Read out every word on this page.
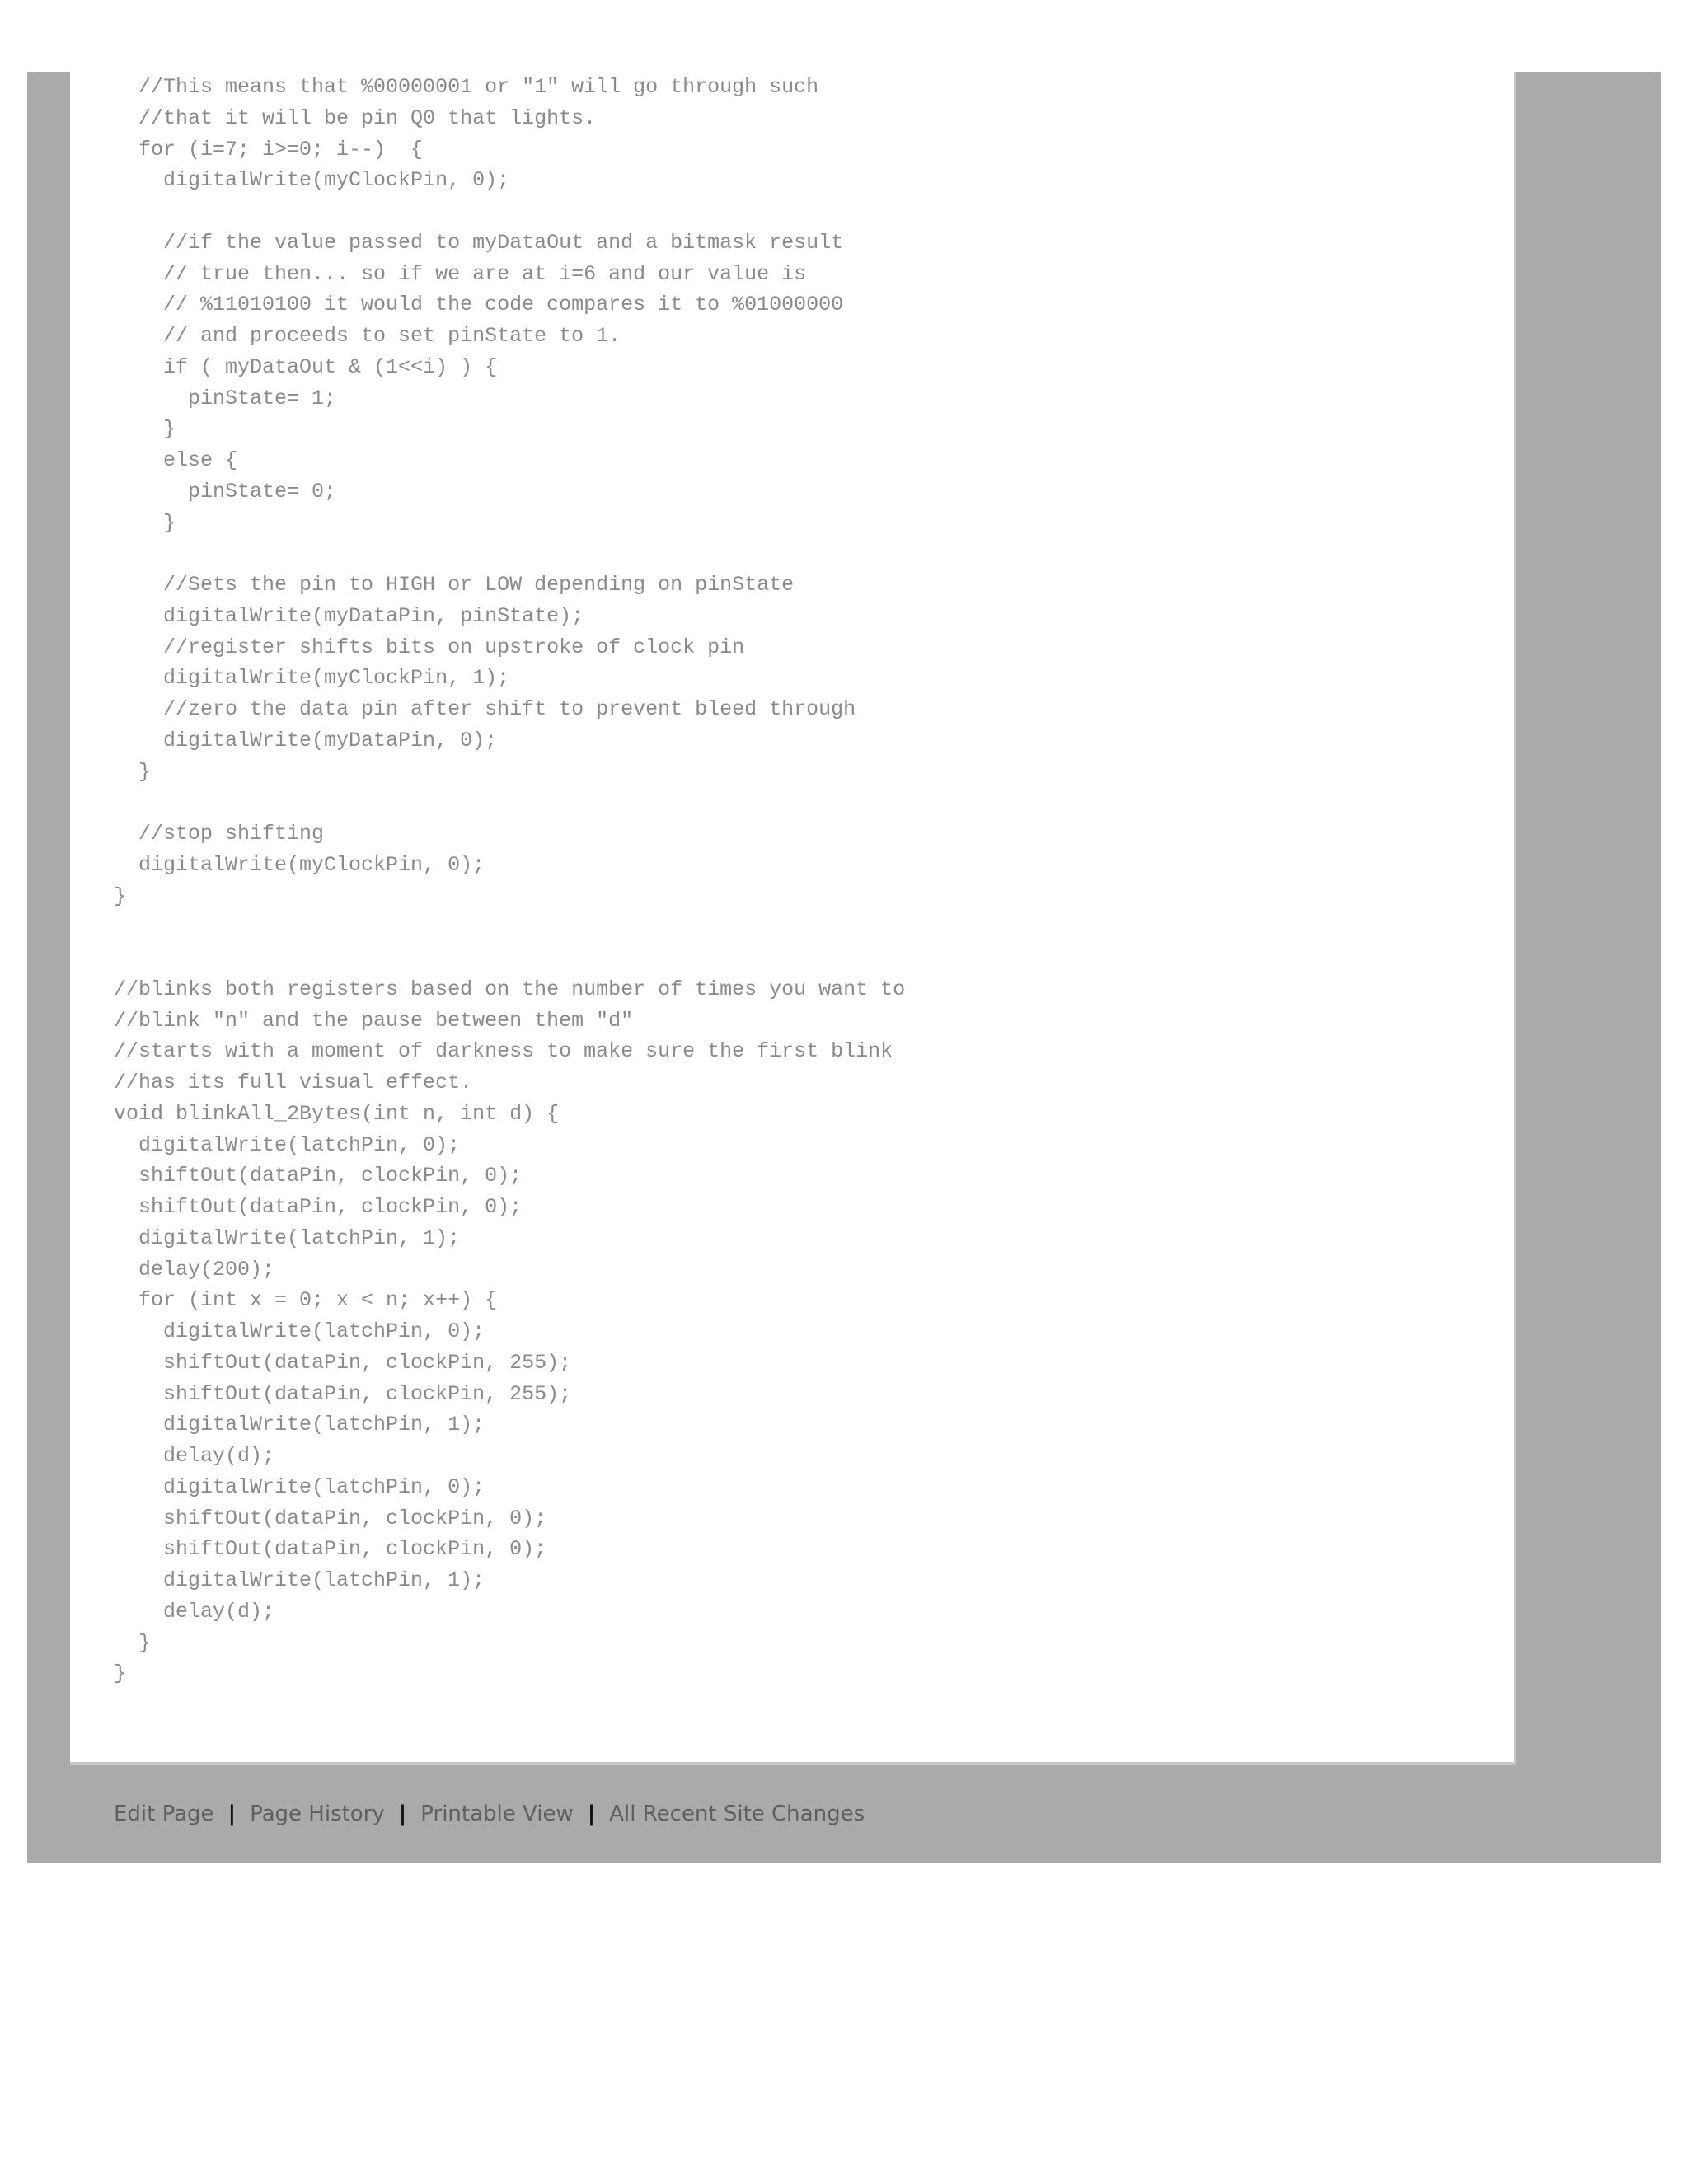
//This means that %00000001 or "1" will go through such
//that it will be pin Q0 that lights.
for (i=7; i>=0; i--)  {
digitalWrite(myClockPin, 0);
//if the value passed to myDataOut and a bitmask result
// true then... so if we are at i=6 and our value is
// %11010100 it would the code compares it to %01000000
// and proceeds to set pinState to 1.
if ( myDataOut & (1<<i) ) {
pinState= 1;
}
else {
pinState= 0;
}
//Sets the pin to HIGH or LOW depending on pinState
digitalWrite(myDataPin, pinState);
//register shifts bits on upstroke of clock pin
digitalWrite(myClockPin, 1);
//zero the data pin after shift to prevent bleed through
digitalWrite(myDataPin, 0);
}
//stop shifting
digitalWrite(myClockPin, 0);
}
//blinks both registers based on the number of times you want to
//blink "n" and the pause between them "d"
//starts with a moment of darkness to make sure the first blink
//has its full visual effect.
void blinkAll_2Bytes(int n, int d) {
digitalWrite(latchPin, 0);
shiftOut(dataPin, clockPin, 0);
shiftOut(dataPin, clockPin, 0);
digitalWrite(latchPin, 1);
delay(200);
for (int x = 0; x < n; x++) {
digitalWrite(latchPin, 0);
shiftOut(dataPin, clockPin, 255);
shiftOut(dataPin, clockPin, 255);
digitalWrite(latchPin, 1);
delay(d);
digitalWrite(latchPin, 0);
shiftOut(dataPin, clockPin, 0);
shiftOut(dataPin, clockPin, 0);
digitalWrite(latchPin, 1);
delay(d);
}
}
Edit Page | Page History | Printable View | All Recent Site Changes
